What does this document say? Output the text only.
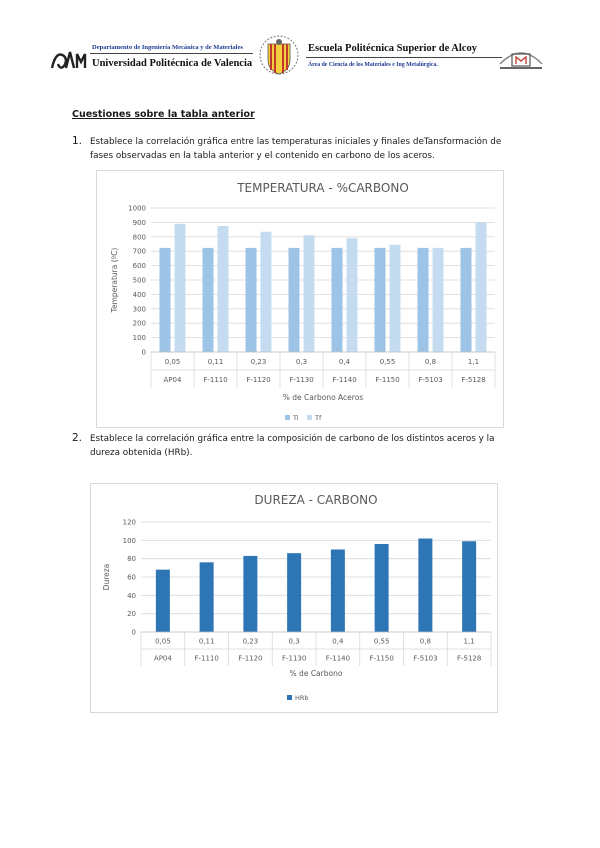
Departamento de Ingeniería Mecánica y de Materiales
Universidad Politécnica de Valencia
Escuela Politécnica Superior de Alcoy
Área de Ciencia de los Materiales e Ing Metalúrgica.
Cuestiones sobre la tabla anterior
1. Establece la correlación gráfica entre las temperaturas iniciales y finales deTansformación de fases observadas en la tabla anterior y el contenido en carbono de los aceros.
TEMPERATURA - %CARBONO
0
100
200
300
400
500
600
700
800
900
1000
Temperatura (ºC)
0,05
AP04
0,11
F-1110
0,23
F-1120
0,3
F-1130
0,4
F-1140
0,55
F-1150
0,8
F-5103
1,1
F-5128
% de Carbono Aceros
Ti	Tf
2. Establece la correlación gráfica entre la composición de carbono de los distintos aceros y la dureza obtenida (HRb).
DUREZA - CARBONO
0
20
40
60
80
100
120
Dureza
0,05
AP04
0,11
F-1110
0,23
F-1120
0,3
F-1130
0,4
F-1140
0,55
F-1150
0,8
F-5103
1,1
F-5128
% de Carbono
HRb
